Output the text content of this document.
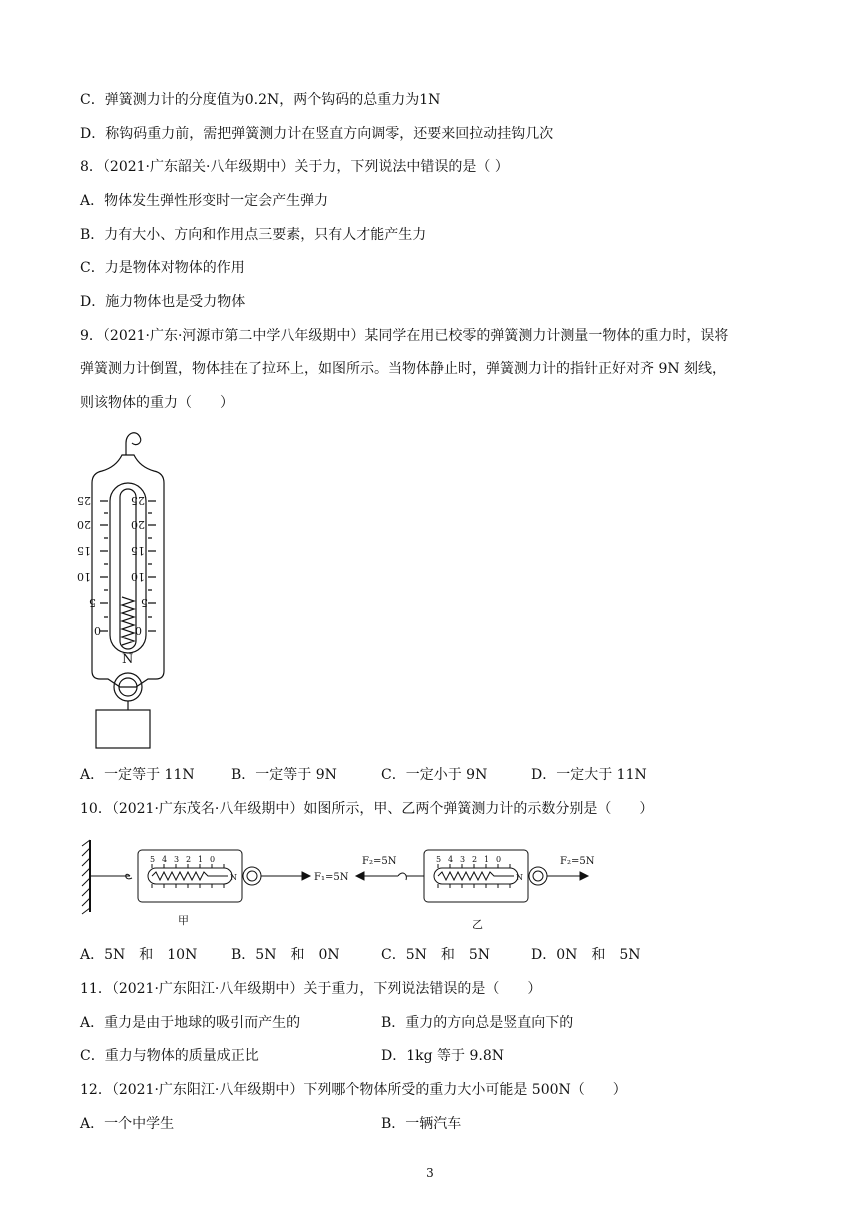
C．弹簧测力计的分度值为0.2N，两个钩码的总重力为1N
D．称钩码重力前，需把弹簧测力计在竖直方向调零，还要来回拉动挂钩几次
8．（2021·广东韶关·八年级期中）关于力，下列说法中错误的是（ ）
A．物体发生弹性形变时一定会产生弹力
B．力有大小、方向和作用点三要素，只有人才能产生力
C．力是物体对物体的作用
D．施力物体也是受力物体
9．（2021·广东·河源市第二中学八年级期中）某同学在用已校零的弹簧测力计测量一物体的重力时，误将
弹簧测力计倒置，物体挂在了拉环上，如图所示。当物体静止时，弹簧测力计的指针正好对齐 9N 刻线，
则该物体的重力（　　）
25
20
15
10
5
0
25
20
15
10
5
0
N
A．一定等于 11N	B．一定等于 9N	C．一定小于 9N	D．一定大于 11N
10．（2021·广东茂名·八年级期中）如图所示，甲、乙两个弹簧测力计的示数分别是（　　）
5 4 3 2 1 0
N
5 4 3 2 1 0
N
F₁=5N
F₂=5N	F₂=5N
甲	乙
A．5N　和　10N B．5N　和　0N	C．5N　和　5N	D．0N　和　5N
11．（2021·广东阳江·八年级期中）关于重力，下列说法错误的是（　　）
A．重力是由于地球的吸引而产生的	B．重力的方向总是竖直向下的
C．重力与物体的质量成正比	D．1kg 等于 9.8N
12．（2021·广东阳江·八年级期中）下列哪个物体所受的重力大小可能是 500N（　　）
A．一个中学生	B．一辆汽车
3
